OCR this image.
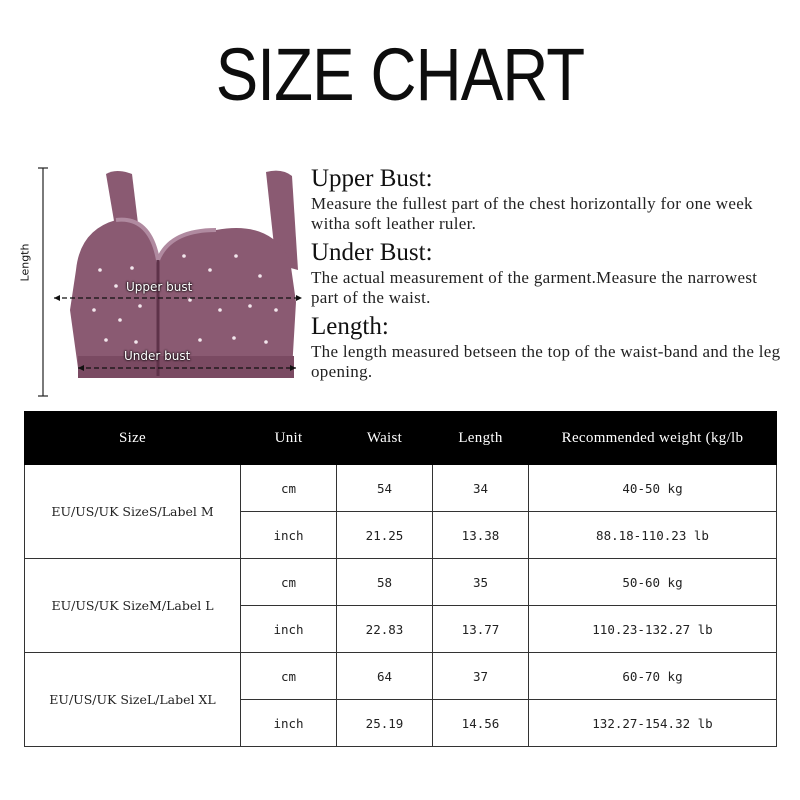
SIZE CHART
Length
Upper bust
Under bust
Upper Bust:
Measure the fullest part of the chest horizontally for one week witha soft leather ruler.
Under Bust:
The actual measurement of the garment.Measure the narrowest part of the waist.
Length:
The length measured betseen the top of the waist-band and the leg opening.
Size	Unit	Waist	Length	Recommended weight (kg/lb
EU/US/UK SizeS/Label M	cm	54	34	40-50 kg
	inch	21.25	13.38	88.18-110.23 lb
EU/US/UK SizeM/Label L	cm	58	35	50-60 kg
	inch	22.83	13.77	110.23-132.27 lb
EU/US/UK SizeL/Label XL	cm	64	37	60-70 kg
	inch	25.19	14.56	132.27-154.32 lb
